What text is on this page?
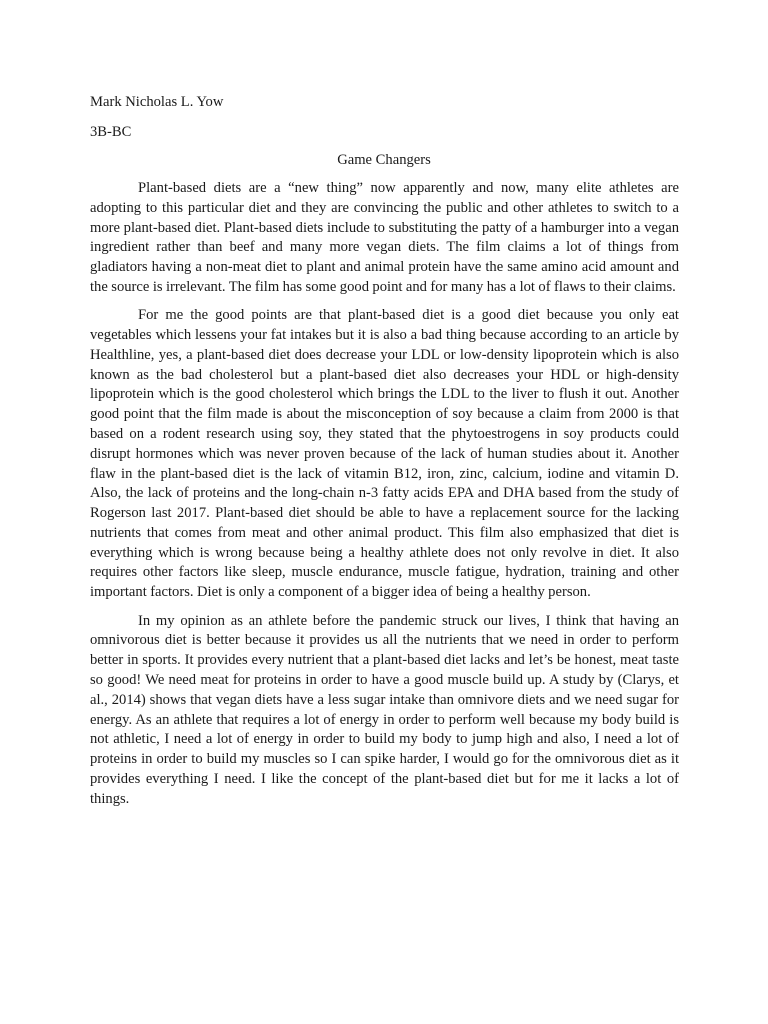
Mark Nicholas L. Yow

3B-BC

Game Changers

Plant-based diets are a “new thing” now apparently and now, many elite athletes are adopting to this particular diet and they are convincing the public and other athletes to switch to a more plant-based diet. Plant-based diets include to substituting the patty of a hamburger into a vegan ingredient rather than beef and many more vegan diets. The film claims a lot of things from gladiators having a non-meat diet to plant and animal protein have the same amino acid amount and the source is irrelevant. The film has some good point and for many has a lot of flaws to their claims.

For me the good points are that plant-based diet is a good diet because you only eat vegetables which lessens your fat intakes but it is also a bad thing because according to an article by Healthline, yes, a plant-based diet does decrease your LDL or low-density lipoprotein which is also known as the bad cholesterol but a plant-based diet also decreases your HDL or high-density lipoprotein which is the good cholesterol which brings the LDL to the liver to flush it out. Another good point that the film made is about the misconception of soy because a claim from 2000 is that based on a rodent research using soy, they stated that the phytoestrogens in soy products could disrupt hormones which was never proven because of the lack of human studies about it. Another flaw in the plant-based diet is the lack of vitamin B12, iron, zinc, calcium, iodine and vitamin D. Also, the lack of proteins and the long-chain n-3 fatty acids EPA and DHA based from the study of Rogerson last 2017. Plant-based diet should be able to have a replacement source for the lacking nutrients that comes from meat and other animal product. This film also emphasized that diet is everything which is wrong because being a healthy athlete does not only revolve in diet. It also requires other factors like sleep, muscle endurance, muscle fatigue, hydration, training and other important factors. Diet is only a component of a bigger idea of being a healthy person.

In my opinion as an athlete before the pandemic struck our lives, I think that having an omnivorous diet is better because it provides us all the nutrients that we need in order to perform better in sports. It provides every nutrient that a plant-based diet lacks and let’s be honest, meat taste so good! We need meat for proteins in order to have a good muscle build up. A study by (Clarys, et al., 2014) shows that vegan diets have a less sugar intake than omnivore diets and we need sugar for energy. As an athlete that requires a lot of energy in order to perform well because my body build is not athletic, I need a lot of energy in order to build my body to jump high and also, I need a lot of proteins in order to build my muscles so I can spike harder, I would go for the omnivorous diet as it provides everything I need. I like the concept of the plant-based diet but for me it lacks a lot of things.
